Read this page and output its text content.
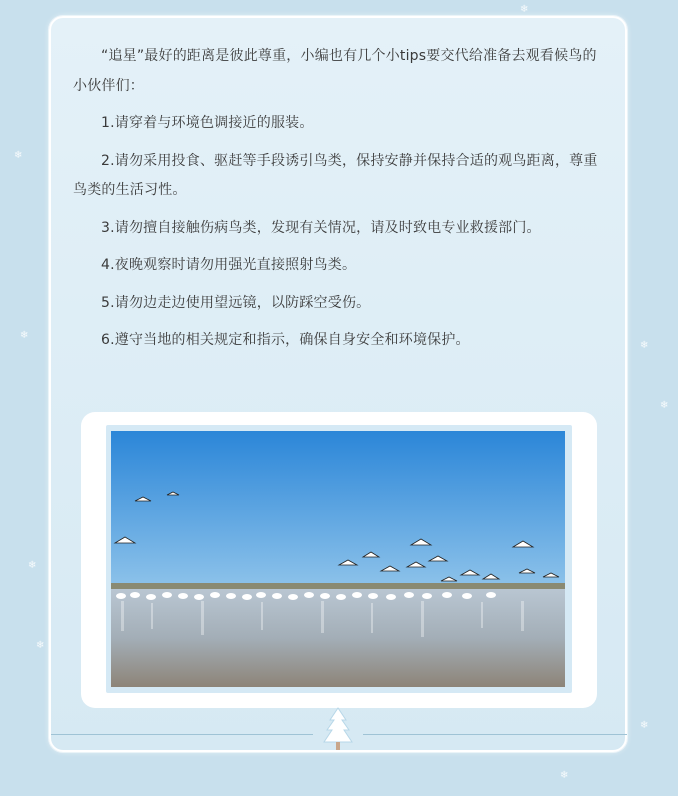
❄
❄
❄
❄
❄
❄
❄
❄
❄

“追星”最好的距离是彼此尊重，小编也有几个小tips要交代给准备去观看候鸟的小伙伴们：

1.请穿着与环境色调接近的服装。

2.请勿采用投食、驱赶等手段诱引鸟类，保持安静并保持合适的观鸟距离，尊重鸟类的生活习性。

3.请勿擅自接触伤病鸟类，发现有关情况，请及时致电专业救援部门。

4.夜晚观察时请勿用强光直接照射鸟类。

5.请勿边走边使用望远镜，以防踩空受伤。

6.遵守当地的相关规定和指示，确保自身安全和环境保护。
